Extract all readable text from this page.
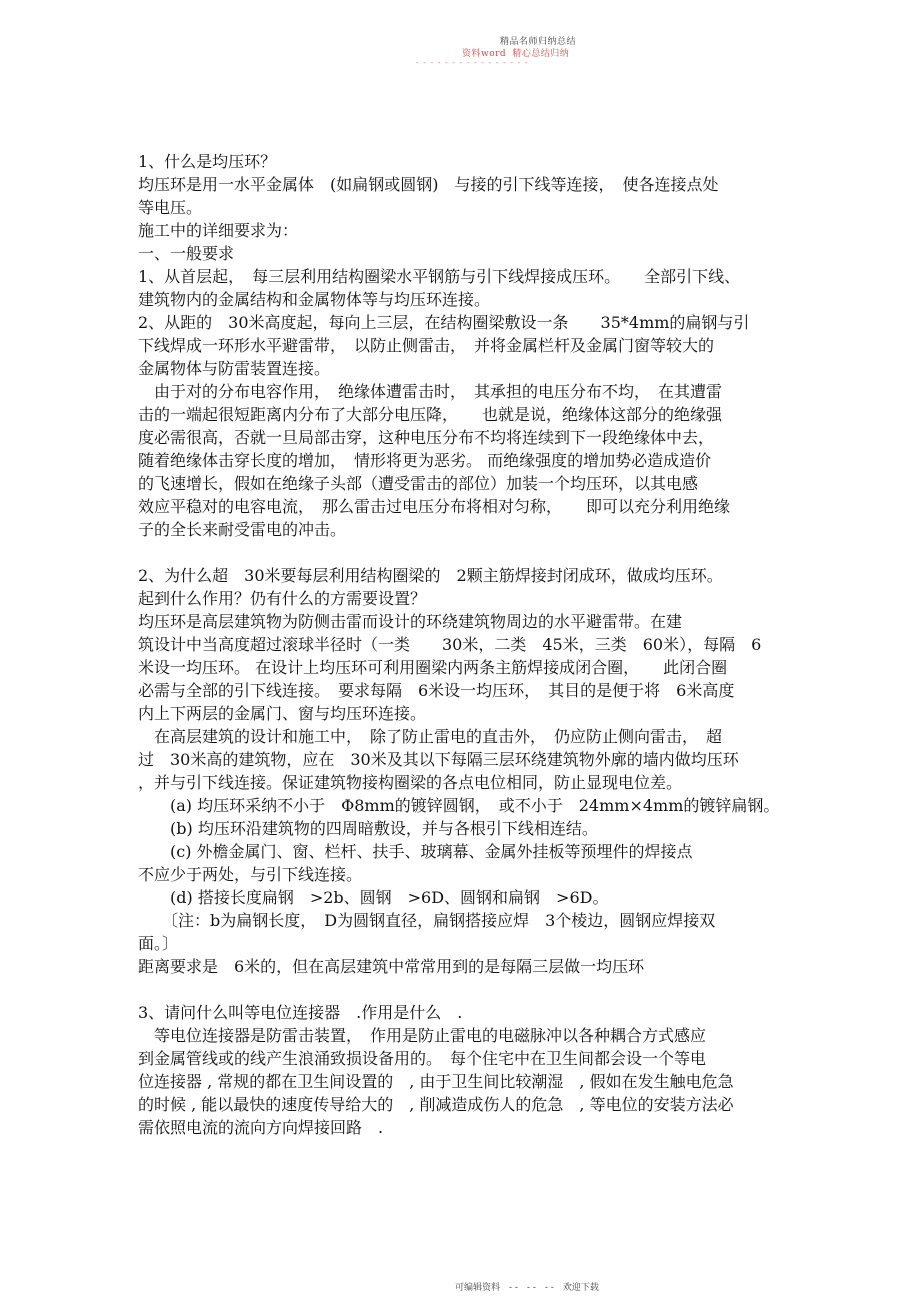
精品名师归纳总结
资料word 精心总结归纳
- - - - - - - - - - - - - - - -

1、什么是均压环？

均压环是用一水平金属体　(如扁钢或圆钢)　与接的引下线等连接，　使各连接点处

等电压。

施工中的详细要求为：

一、一般要求

1、从首层起，　每三层利用结构圈梁水平钢筋与引下线焊接成压环。　　全部引下线、

建筑物内的金属结构和金属物体等与均压环连接。

2、从距的　30米高度起，每向上三层，在结构圈梁敷设一条　　35*4mm的扁钢与引

下线焊成一环形水平避雷带，　以防止侧雷击，　并将金属栏杆及金属门窗等较大的

金属物体与防雷装置连接。

　由于对的分布电容作用，　绝缘体遭雷击时，　其承担的电压分布不均，　在其遭雷

击的一端起很短距离内分布了大部分电压降，　　也就是说，绝缘体这部分的绝缘强

度必需很高，否就一旦局部击穿，这种电压分布不均将连续到下一段绝缘体中去，

随着绝缘体击穿长度的增加，　情形将更为恶劣。 而绝缘强度的增加势必造成造价

的飞速增长，假如在绝缘子头部（遭受雷击的部位）加装一个均压环，以其电感

效应平稳对的电容电流，　那么雷击过电压分布将相对匀称，　　即可以充分利用绝缘

子的全长来耐受雷电的冲击。

2、为什么超　30米要每层利用结构圈梁的　2颗主筋焊接封闭成环，做成均压环。

起到什么作用？仍有什么的方需要设置？

均压环是高层建筑物为防侧击雷而设计的环绕建筑物周边的水平避雷带。在建

筑设计中当高度超过滚球半径时（一类　　30米，二类　45米，三类　60米），每隔　6

米设一均压环。 在设计上均压环可利用圈梁内两条主筋焊接成闭合圈，　　此闭合圈

必需与全部的引下线连接。　要求每隔　6米设一均压环，　其目的是便于将　6米高度

内上下两层的金属门、窗与均压环连接。

　在高层建筑的设计和施工中，　除了防止雷电的直击外，　仍应防止侧向雷击，　超

过　30米高的建筑物，应在　30米及其以下每隔三层环绕建筑物外廓的墙内做均压环

，并与引下线连接。保证建筑物接构圈梁的各点电位相同，防止显现电位差。

　　(a) 均压环采纳不小于　Φ8mm的镀锌圆钢，　或不小于　24mm×4mm的镀锌扁钢。

　　(b) 均压环沿建筑物的四周暗敷设，并与各根引下线相连结。

　　(c) 外檐金属门、窗、栏杆、扶手、玻璃幕、金属外挂板等预埋件的焊接点

不应少于两处，与引下线连接。

　　(d) 搭接长度扁钢　>2b、圆钢　>6D、圆钢和扁钢　>6D。

　　〔注：b为扁钢长度，　D为圆钢直径，扁钢搭接应焊　3个棱边，圆钢应焊接双

面。〕

距离要求是　6米的，但在高层建筑中常常用到的是每隔三层做一均压环

3、请问什么叫等电位连接器　.作用是什么　.

　等电位连接器是防雷击装置，　作用是防止雷电的电磁脉冲以各种耦合方式感应

到金属管线或的线产生浪涌致损设备用的。　每个住宅中在卫生间都会设一个等电

位连接器 , 常规的都在卫生间设置的　, 由于卫生间比较潮湿　, 假如在发生触电危急

的时候 , 能以最快的速度传导给大的　, 削减造成伤人的危急　, 等电位的安装方法必

需依照电流的流向方向焊接回路　.

可编辑资料　- -　- -　- -　欢迎下载
